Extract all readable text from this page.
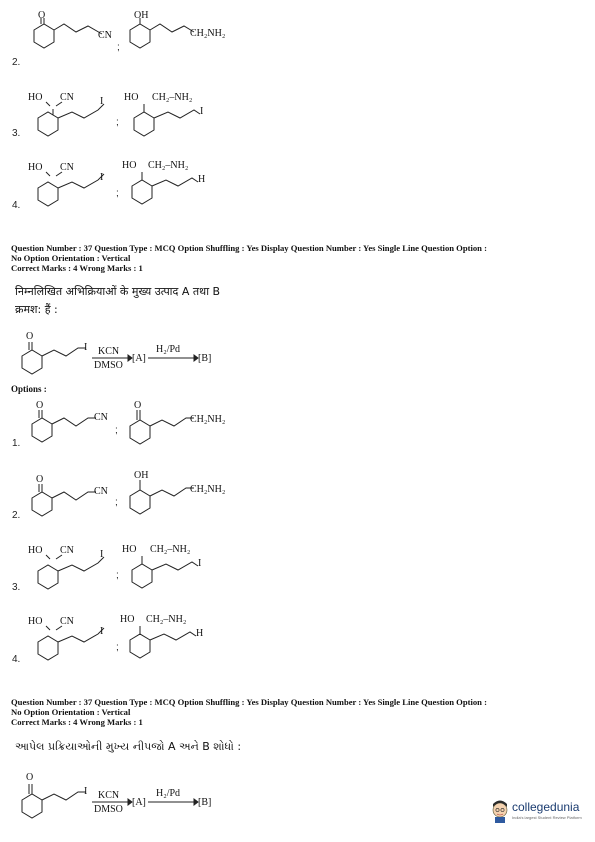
O
CN
;
OH
CH₂NH₂
2.
HO CN	I
;
HO CH₂–NH₂
I
3.
HO CN
I
;
HO CH₂–NH₂
H
4.
Question Number : 37 Question Type : MCQ Option Shuffling : Yes Display Question Number : Yes Single Line Question Option :
No Option Orientation : Vertical
Correct Marks : 4 Wrong Marks : 1
निम्नलिखित अभिक्रियाओं के मुख्य उत्पाद A तथा B
क्रमश: हैं :
O
I KCN
DMSO
[A]
H₂/Pd
[B]
Options :
O
CN
;
O
CH₂NH₂
1.
O
CN
;
OH
CH₂NH₂
2.
HO CN	I
;
HO CH₂–NH₂
I
3.
HO CN
I
;
HO CH₂–NH₂
H
4.
Question Number : 37 Question Type : MCQ Option Shuffling : Yes Display Question Number : Yes Single Line Question Option :
No Option Orientation : Vertical
Correct Marks : 4 Wrong Marks : 1
આપેલ પ્રક્રિયાઓની મુખ્ય નીપજો A અને B શોધો :
O
I KCN
DMSO
[A]
H₂/Pd
[B]	collegedunia
India's largest Student Review Platform
